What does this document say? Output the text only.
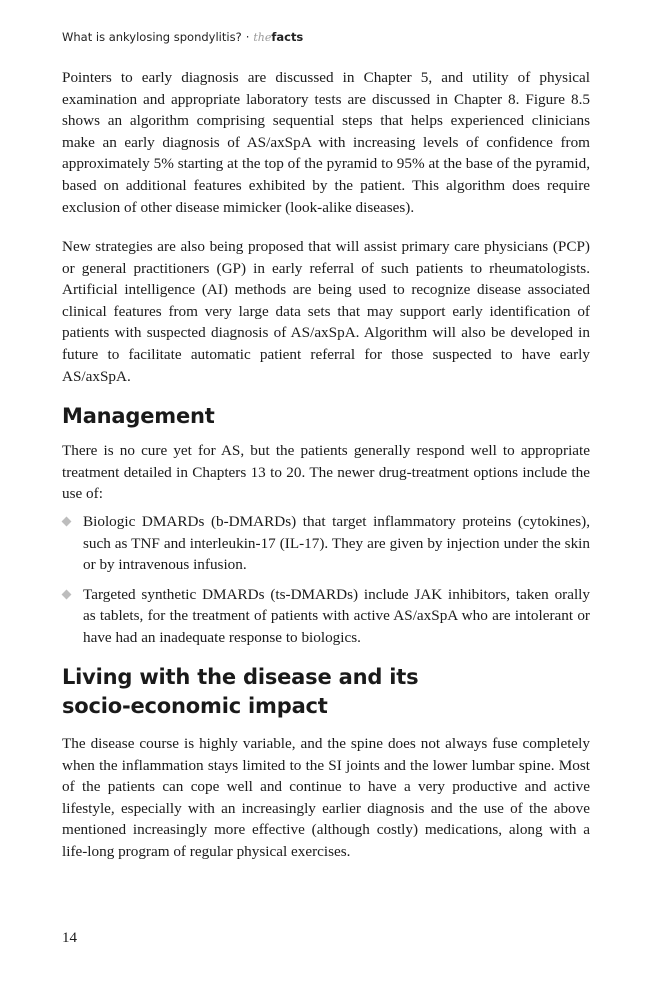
What is ankylosing spondylitis? · thefacts

Pointers to early diagnosis are discussed in Chapter 5, and utility of physical examination and appropriate laboratory tests are discussed in Chapter 8. Figure 8.5 shows an algorithm comprising sequential steps that helps experienced clinicians make an early diagnosis of AS/axSpA with increasing levels of confidence from approximately 5% starting at the top of the pyramid to 95% at the base of the pyramid, based on additional features exhibited by the patient. This algorithm does require exclusion of other disease mimicker (look-alike diseases).

New strategies are also being proposed that will assist primary care physicians (PCP) or general practitioners (GP) in early referral of such patients to rheumatologists. Artificial intelligence (AI) methods are being used to recognize disease associated clinical features from very large data sets that may support early identification of patients with suspected diagnosis of AS/axSpA. Algorithm will also be developed in future to facilitate automatic patient referral for those suspected to have early AS/axSpA.

Management

There is no cure yet for AS, but the patients generally respond well to appropriate treatment detailed in Chapters 13 to 20. The newer drug-treatment options include the use of:

Biologic DMARDs (b-DMARDs) that target inflammatory proteins (cytokines), such as TNF and interleukin-17 (IL-17). They are given by injection under the skin or by intravenous infusion.
Targeted synthetic DMARDs (ts-DMARDs) include JAK inhibitors, taken orally as tablets, for the treatment of patients with active AS/axSpA who are intolerant or have had an inadequate response to biologics.
Living with the disease and its socio-economic impact

The disease course is highly variable, and the spine does not always fuse completely when the inflammation stays limited to the SI joints and the lower lumbar spine. Most of the patients can cope well and continue to have a very productive and active lifestyle, especially with an increasingly earlier diagnosis and the use of the above mentioned increasingly more effective (although costly) medications, along with a life-long program of regular physical exercises.

14
